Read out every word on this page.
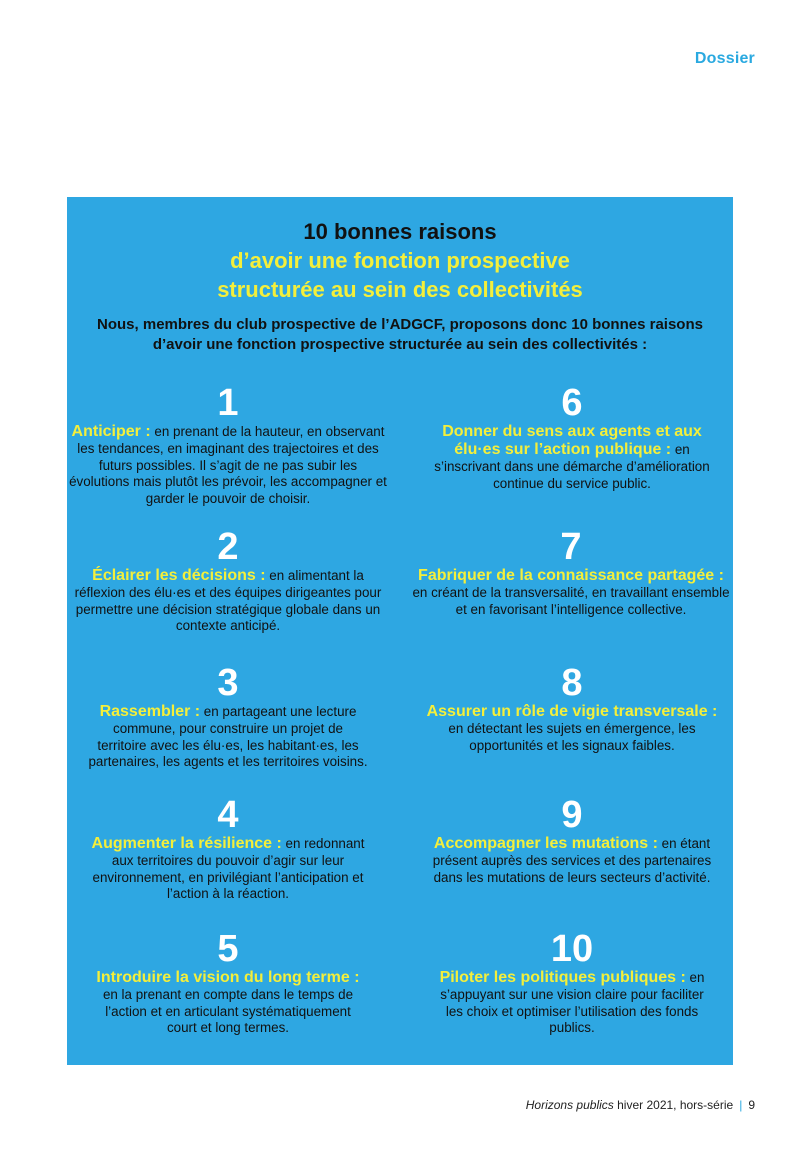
Dossier
10 bonnes raisons
d’avoir une fonction prospective
structurée au sein des collectivités
Nous, membres du club prospective de l’ADGCF, proposons donc 10 bonnes raisons
d’avoir une fonction prospective structurée au sein des collectivités :
1
Anticiper : en prenant de la hauteur, en observant les tendances, en imaginant des trajectoires et des futurs possibles. Il s’agit de ne pas subir les évolutions mais plutôt les prévoir, les accompagner et garder le pouvoir de choisir.
2
Éclairer les décisions : en alimentant la réflexion des élu·es et des équipes dirigeantes pour permettre une décision stratégique globale dans un contexte anticipé.
3
Rassembler : en partageant une lecture commune, pour construire un projet de territoire avec les élu·es, les habitant·es, les partenaires, les agents et les territoires voisins.
4
Augmenter la résilience : en redonnant aux territoires du pouvoir d’agir sur leur environnement, en privilégiant l’anticipation et l’action à la réaction.
5
Introduire la vision du long terme : en la prenant en compte dans le temps de l’action et en articulant systématiquement court et long termes.
6
Donner du sens aux agents et aux élu·es sur l’action publique : en s’inscrivant dans une démarche d’amélioration continue du service public.
7
Fabriquer de la connaissance partagée : en créant de la transversalité, en travaillant ensemble et en favorisant l’intelligence collective.
8
Assurer un rôle de vigie transversale : en détectant les sujets en émergence, les opportunités et les signaux faibles.
9
Accompagner les mutations : en étant présent auprès des services et des partenaires dans les mutations de leurs secteurs d’activité.
10
Piloter les politiques publiques : en s’appuyant sur une vision claire pour faciliter les choix et optimiser l’utilisation des fonds publics.
Horizons publics hiver 2021, hors-série | 9
